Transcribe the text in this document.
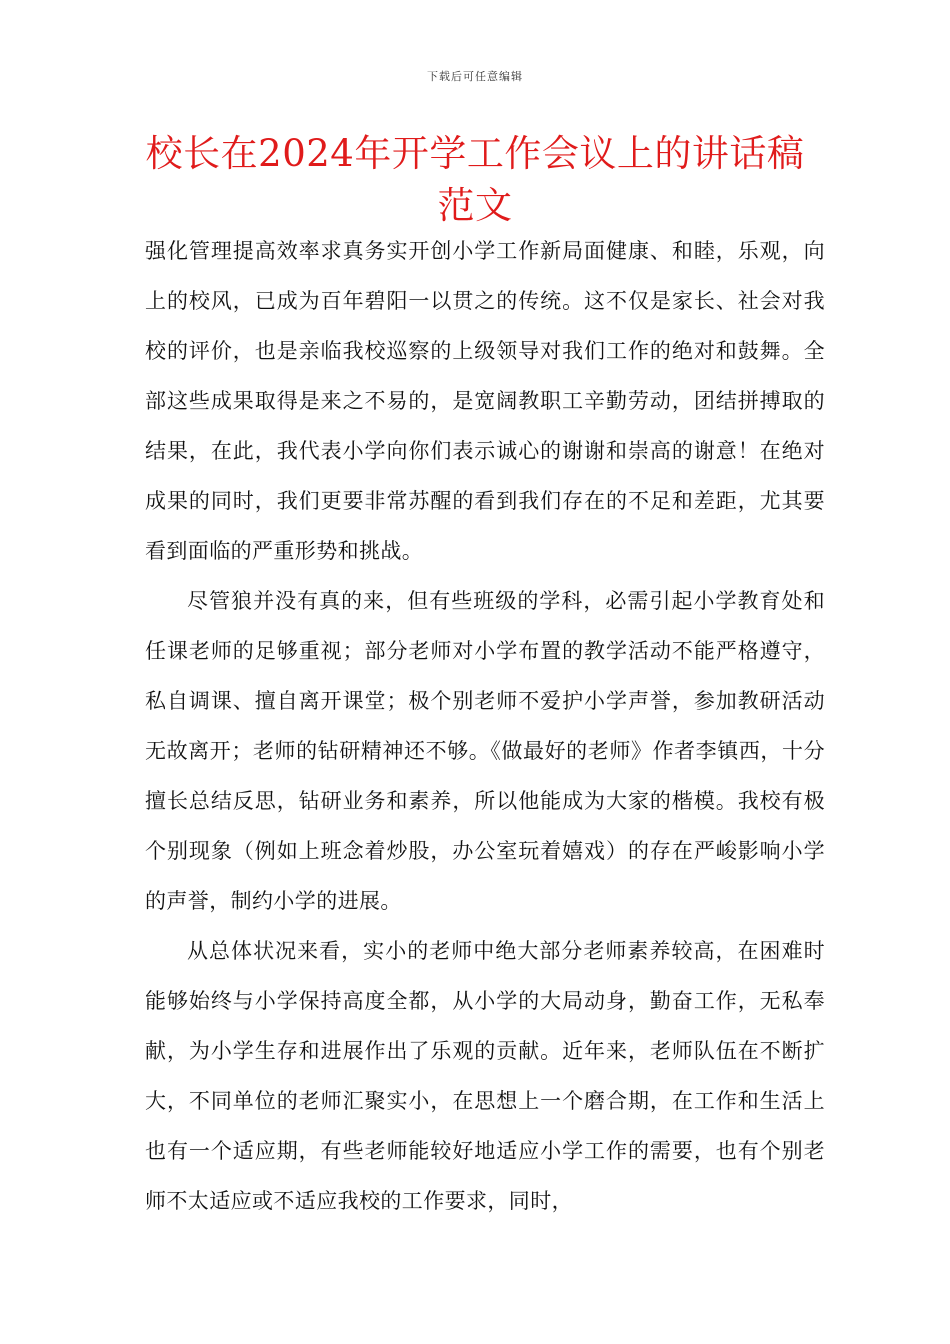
下载后可任意编辑
校长在2024年开学工作会议上的讲话稿范文

强化管理提高效率求真务实开创小学工作新局面健康、和睦，乐观，向上的校风，已成为百年碧阳一以贯之的传统。这不仅是家长、社会对我校的评价，也是亲临我校巡察的上级领导对我们工作的绝对和鼓舞。全部这些成果取得是来之不易的，是宽阔教职工辛勤劳动，团结拼搏取的结果，在此，我代表小学向你们表示诚心的谢谢和崇高的谢意！在绝对成果的同时，我们更要非常苏醒的看到我们存在的不足和差距，尤其要看到面临的严重形势和挑战。

尽管狼并没有真的来，但有些班级的学科，必需引起小学教育处和任课老师的足够重视；部分老师对小学布置的教学活动不能严格遵守，私自调课、擅自离开课堂；极个别老师不爱护小学声誉，参加教研活动无故离开；老师的钻研精神还不够。《做最好的老师》作者李镇西，十分擅长总结反思，钻研业务和素养，所以他能成为大家的楷模。我校有极个别现象（例如上班念着炒股，办公室玩着嬉戏）的存在严峻影响小学的声誉，制约小学的进展。

从总体状况来看，实小的老师中绝大部分老师素养较高，在困难时能够始终与小学保持高度全都，从小学的大局动身，勤奋工作，无私奉献，为小学生存和进展作出了乐观的贡献。近年来，老师队伍在不断扩大，不同单位的老师汇聚实小，在思想上一个磨合期，在工作和生活上也有一个适应期，有些老师能较好地适应小学工作的需要，也有个别老师不太适应或不适应我校的工作要求，同时，
